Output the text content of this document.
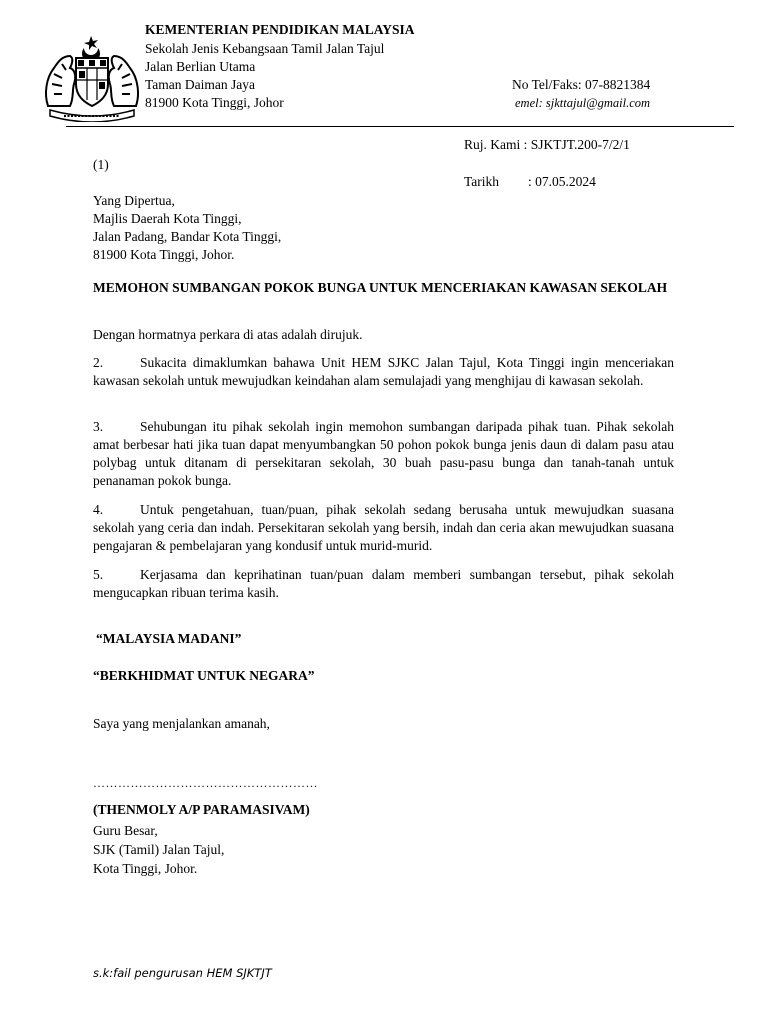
KEMENTERIAN PENDIDIKAN MALAYSIA
Sekolah Jenis Kebangsaan Tamil Jalan Tajul
Jalan Berlian Utama
Taman Daiman Jaya
81900 Kota Tinggi, Johor
No Tel/Faks: 07-8821384
emel: sjkttajul@gmail.com
Ruj. Kami : SJKTJT.200-7/2/1
(1)
Tarikh : 07.05.2024
Yang Dipertua,
Majlis Daerah Kota Tinggi,
Jalan Padang, Bandar Kota Tinggi,
81900 Kota Tinggi, Johor.
MEMOHON SUMBANGAN POKOK BUNGA UNTUK MENCERIAKAN KAWASAN SEKOLAH
Dengan hormatnya perkara di atas adalah dirujuk.
2.	Sukacita dimaklumkan bahawa Unit HEM SJKC Jalan Tajul, Kota Tinggi ingin menceriakan kawasan sekolah untuk mewujudkan keindahan alam semulajadi yang menghijau di kawasan sekolah.
3.	Sehubungan itu pihak sekolah ingin memohon sumbangan daripada pihak tuan. Pihak sekolah amat berbesar hati jika tuan dapat menyumbangkan 50 pohon pokok bunga jenis daun di dalam pasu atau polybag untuk ditanam di persekitaran sekolah, 30 buah pasu-pasu bunga dan tanah-tanah untuk penanaman pokok bunga.
4.	Untuk pengetahuan, tuan/puan, pihak sekolah sedang berusaha untuk mewujudkan suasana sekolah yang ceria dan indah. Persekitaran sekolah yang bersih, indah dan ceria akan mewujudkan suasana pengajaran & pembelajaran yang kondusif untuk murid-murid.
5.	Kerjasama dan keprihatinan tuan/puan dalam memberi sumbangan tersebut, pihak sekolah mengucapkan ribuan terima kasih.
“MALAYSIA MADANI”
“BERKHIDMAT UNTUK NEGARA”
Saya yang menjalankan amanah,
………………………………………………
(THENMOLY A/P PARAMASIVAM)
Guru Besar,
SJK (Tamil) Jalan Tajul,
Kota Tinggi, Johor.
s.k:fail pengurusan HEM SJKTJT
